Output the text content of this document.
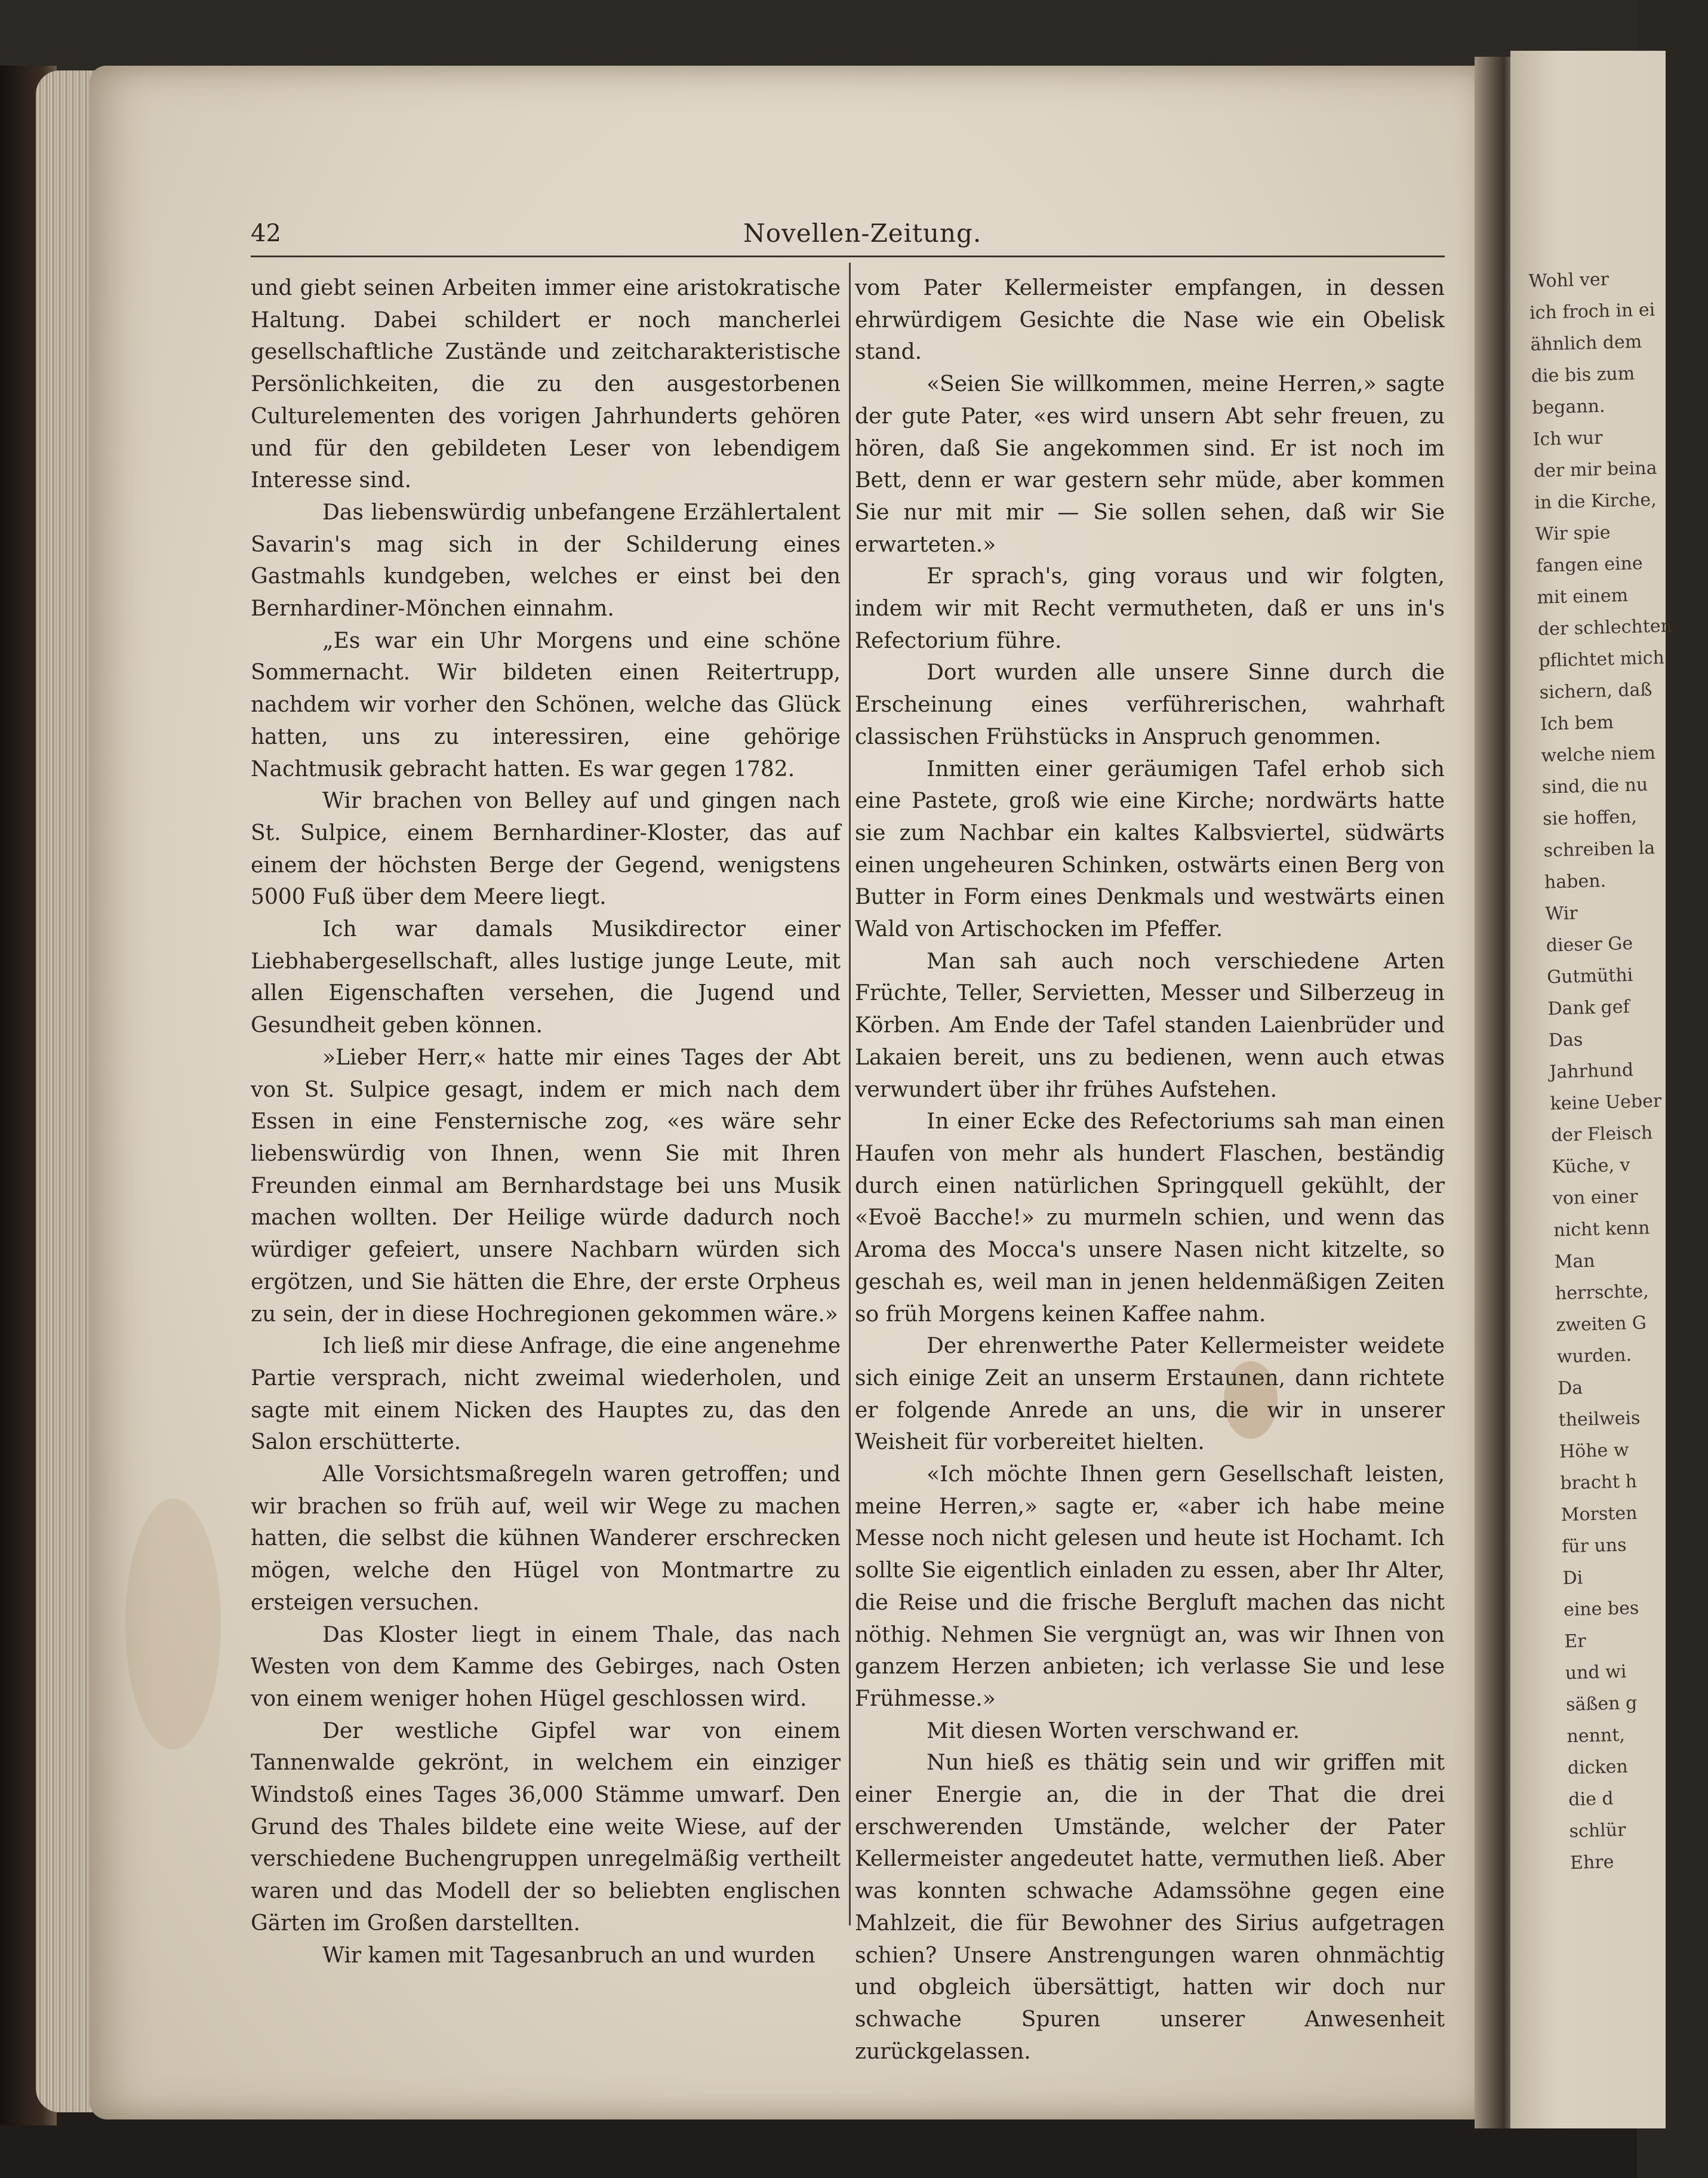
Wohl ver
ich froch in ei
ähnlich dem
die bis zum
begann.
Ich wur
der mir beina
in die Kirche,
Wir spie
fangen eine
mit einem
der schlechten
pflichtet mich
sichern, daß
Ich bem
welche niem
sind, die nu
sie hoffen,
schreiben la
haben.
Wir
dieser Ge
Gutmüthi
Dank gef
Das
Jahrhund
keine Ueber
der Fleisch
Küche, v
von einer
nicht kenn
Man
herrschte,
zweiten G
wurden.
Da
theilweis
Höhe w
bracht h
Morsten
für uns
Di
eine bes
Er
und wi
säßen g
nennt,
dicken
die d
schlür
Ehre
42	Novellen-Zeitung.

und giebt seinen Arbeiten immer eine aristokratische Haltung. Dabei schildert er noch mancherlei gesellschaftliche Zustände und zeitcharakteristische Persönlichkeiten, die zu den ausgestorbenen Culturelementen des vorigen Jahrhunderts gehören und für den gebildeten Leser von lebendigem Interesse sind.

Das liebenswürdig unbefangene Erzählertalent Savarin's mag sich in der Schilderung eines Gastmahls kundgeben, welches er einst bei den Bernhardiner-Mönchen einnahm.

„Es war ein Uhr Morgens und eine schöne Sommernacht. Wir bildeten einen Reitertrupp, nachdem wir vorher den Schönen, welche das Glück hatten, uns zu interessiren, eine gehörige Nachtmusik gebracht hatten. Es war gegen 1782.

Wir brachen von Belley auf und gingen nach St. Sulpice, einem Bernhardiner-Kloster, das auf einem der höchsten Berge der Gegend, wenigstens 5000 Fuß über dem Meere liegt.

Ich war damals Musikdirector einer Liebhabergesellschaft, alles lustige junge Leute, mit allen Eigenschaften versehen, die Jugend und Gesundheit geben können.

»Lieber Herr,« hatte mir eines Tages der Abt von St. Sulpice gesagt, indem er mich nach dem Essen in eine Fensternische zog, «es wäre sehr liebenswürdig von Ihnen, wenn Sie mit Ihren Freunden einmal am Bernhardstage bei uns Musik machen wollten. Der Heilige würde dadurch noch würdiger gefeiert, unsere Nachbarn würden sich ergötzen, und Sie hätten die Ehre, der erste Orpheus zu sein, der in diese Hochregionen gekommen wäre.»

Ich ließ mir diese Anfrage, die eine angenehme Partie versprach, nicht zweimal wiederholen, und sagte mit einem Nicken des Hauptes zu, das den Salon erschütterte.

Alle Vorsichtsmaßregeln waren getroffen; und wir brachen so früh auf, weil wir Wege zu machen hatten, die selbst die kühnen Wanderer erschrecken mögen, welche den Hügel von Montmartre zu ersteigen versuchen.

Das Kloster liegt in einem Thale, das nach Westen von dem Kamme des Gebirges, nach Osten von einem weniger hohen Hügel geschlossen wird.

Der westliche Gipfel war von einem Tannenwalde gekrönt, in welchem ein einziger Windstoß eines Tages 36,000 Stämme umwarf. Den Grund des Thales bildete eine weite Wiese, auf der verschiedene Buchengruppen unregelmäßig vertheilt waren und das Modell der so beliebten englischen Gärten im Großen darstellten.

Wir kamen mit Tagesanbruch an und wurden

vom Pater Kellermeister empfangen, in dessen ehrwürdigem Gesichte die Nase wie ein Obelisk stand.

«Seien Sie willkommen, meine Herren,» sagte der gute Pater, «es wird unsern Abt sehr freuen, zu hören, daß Sie angekommen sind. Er ist noch im Bett, denn er war gestern sehr müde, aber kommen Sie nur mit mir — Sie sollen sehen, daß wir Sie erwarteten.»

Er sprach's, ging voraus und wir folgten, indem wir mit Recht vermutheten, daß er uns in's Refectorium führe.

Dort wurden alle unsere Sinne durch die Erscheinung eines verführerischen, wahrhaft classischen Frühstücks in Anspruch genommen.

Inmitten einer geräumigen Tafel erhob sich eine Pastete, groß wie eine Kirche; nordwärts hatte sie zum Nachbar ein kaltes Kalbsviertel, südwärts einen ungeheuren Schinken, ostwärts einen Berg von Butter in Form eines Denkmals und westwärts einen Wald von Artischocken im Pfeffer.

Man sah auch noch verschiedene Arten Früchte, Teller, Servietten, Messer und Silberzeug in Körben. Am Ende der Tafel standen Laienbrüder und Lakaien bereit, uns zu bedienen, wenn auch etwas verwundert über ihr frühes Aufstehen.

In einer Ecke des Refectoriums sah man einen Haufen von mehr als hundert Flaschen, beständig durch einen natürlichen Springquell gekühlt, der «Evoë Bacche!» zu murmeln schien, und wenn das Aroma des Mocca's unsere Nasen nicht kitzelte, so geschah es, weil man in jenen heldenmäßigen Zeiten so früh Morgens keinen Kaffee nahm.

Der ehrenwerthe Pater Kellermeister weidete sich einige Zeit an unserm Erstaunen, dann richtete er folgende Anrede an uns, die wir in unserer Weisheit für vorbereitet hielten.

«Ich möchte Ihnen gern Gesellschaft leisten, meine Herren,» sagte er, «aber ich habe meine Messe noch nicht gelesen und heute ist Hochamt. Ich sollte Sie eigentlich einladen zu essen, aber Ihr Alter, die Reise und die frische Bergluft machen das nicht nöthig. Nehmen Sie vergnügt an, was wir Ihnen von ganzem Herzen anbieten; ich verlasse Sie und lese Frühmesse.»

Mit diesen Worten verschwand er.

Nun hieß es thätig sein und wir griffen mit einer Energie an, die in der That die drei erschwerenden Umstände, welcher der Pater Kellermeister angedeutet hatte, vermuthen ließ. Aber was konnten schwache Adamssöhne gegen eine Mahlzeit, die für Bewohner des Sirius aufgetragen schien? Unsere Anstrengungen waren ohnmächtig und obgleich übersättigt, hatten wir doch nur schwache Spuren unserer Anwesenheit zurückgelassen.
